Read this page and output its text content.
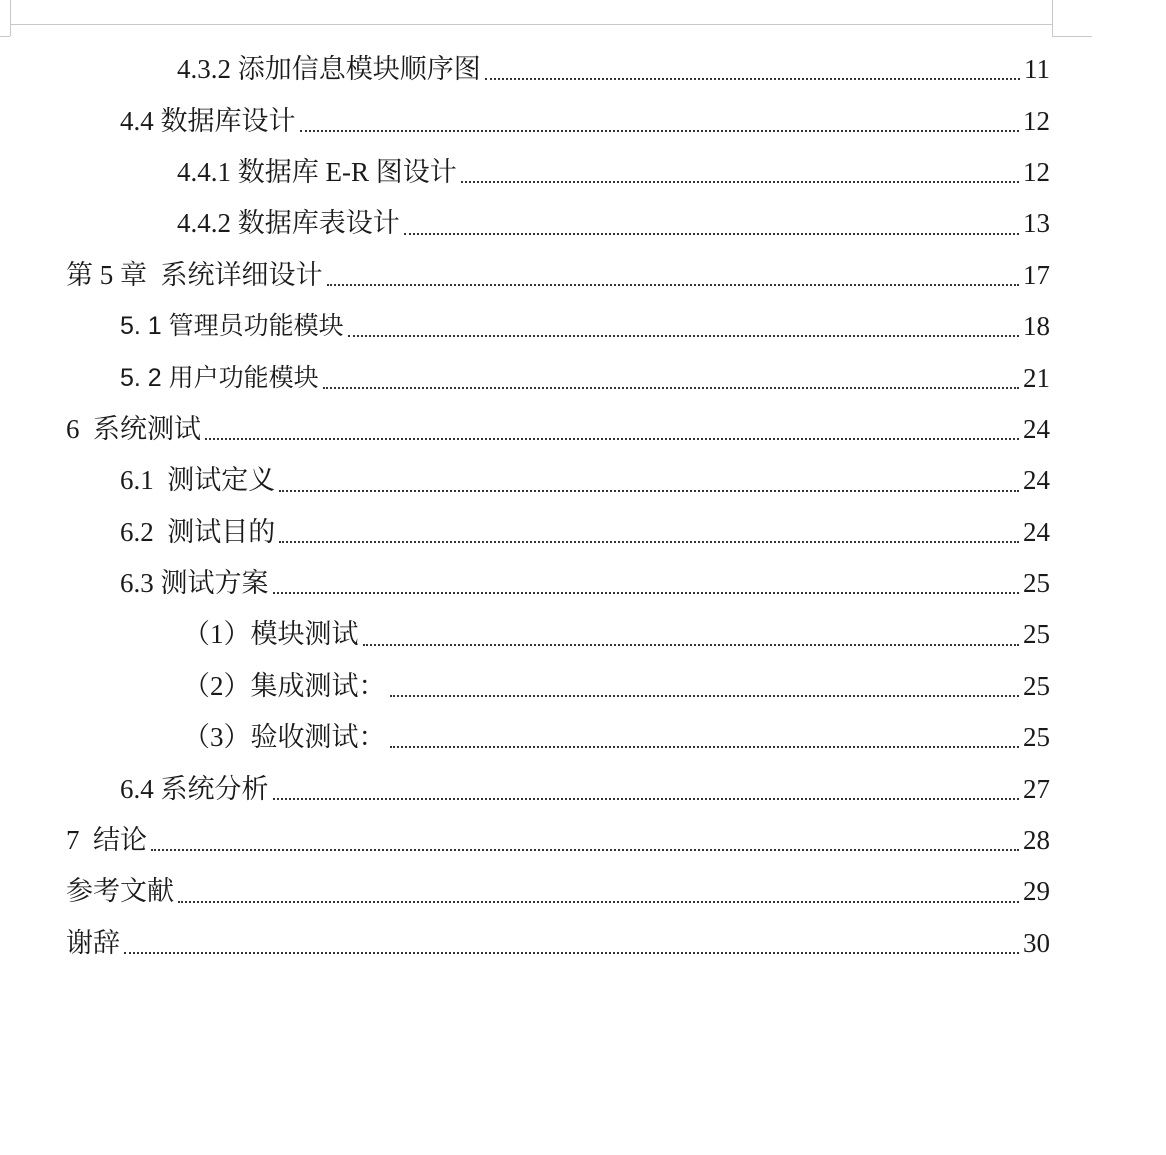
4.3.2 添加信息模块顺序图	11
4.4 数据库设计	12
4.4.1 数据库 E-R 图设计	12
4.4.2 数据库表设计	13
第 5 章  系统详细设计	17
5. 1 管理员功能模块	18
5. 2 用户功能模块	21
6  系统测试	24
6.1  测试定义	24
6.2  测试目的	24
6.3 测试方案	25
（1）模块测试	25
（2）集成测试：	25
（3）验收测试：	25
6.4 系统分析	27
7  结论	28
参考文献	29
谢辞	30
